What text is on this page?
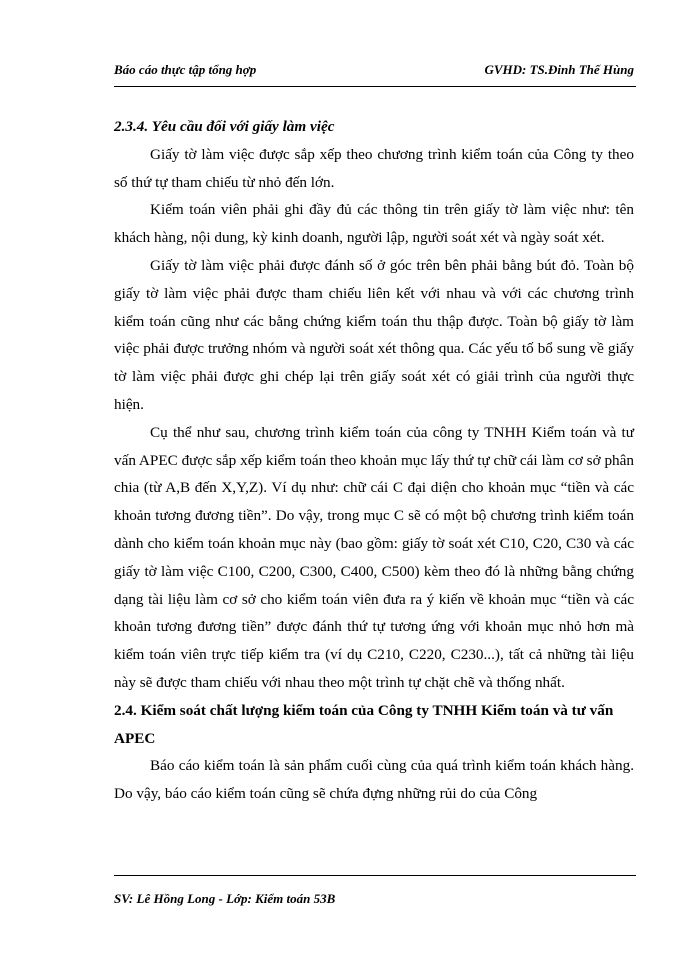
Báo cáo thực tập tổng hợp	GVHD: TS.Đinh Thế Hùng
2.3.4. Yêu cầu đối với giấy làm việc

Giấy tờ làm việc được sắp xếp theo chương trình kiểm toán của Công ty theo số thứ tự tham chiếu từ nhỏ đến lớn.

Kiểm toán viên phải ghi đầy đủ các thông tin trên giấy tờ làm việc như: tên khách hàng, nội dung, kỳ kinh doanh, người lập, người soát xét và ngày soát xét.

Giấy tờ làm việc phải được đánh số ở góc trên bên phải bằng bút đỏ. Toàn bộ giấy tờ làm việc phải được tham chiếu liên kết với nhau và với các chương trình kiểm toán cũng như các bằng chứng kiểm toán thu thập được. Toàn bộ giấy tờ làm việc phải được trưởng nhóm và người soát xét thông qua. Các yếu tố bổ sung về giấy tờ làm việc phải được ghi chép lại trên giấy soát xét có giải trình của người thực hiện.

Cụ thể như sau, chương trình kiểm toán của công ty TNHH Kiểm toán và tư vấn APEC được sắp xếp kiểm toán theo khoản mục lấy thứ tự chữ cái làm cơ sở phân chia (từ A,B đến X,Y,Z). Ví dụ như: chữ cái C đại diện cho khoản mục “tiền và các khoản tương đương tiền”. Do vậy, trong mục C sẽ có một bộ chương trình kiểm toán dành cho kiểm toán khoản mục này (bao gồm: giấy tờ soát xét C10, C20, C30 và các giấy tờ làm việc C100, C200, C300, C400, C500) kèm theo đó là những bằng chứng dạng tài liệu làm cơ sở cho kiểm toán viên đưa ra ý kiến về khoản mục “tiền và các khoản tương đương tiền” được đánh thứ tự tương ứng với khoản mục nhỏ hơn mà kiểm toán viên trực tiếp kiểm tra (ví dụ C210, C220, C230...), tất cả những tài liệu này sẽ được tham chiếu với nhau theo một trình tự chặt chẽ và thống nhất.

2.4. Kiểm soát chất lượng kiểm toán của Công ty TNHH Kiểm toán và tư vấn APEC

Báo cáo kiểm toán là sản phẩm cuối cùng của quá trình kiểm toán khách hàng. Do vậy, báo cáo kiểm toán cũng sẽ chứa đựng những rủi do của Công

SV: Lê Hồng Long - Lớp: Kiểm toán 53B
